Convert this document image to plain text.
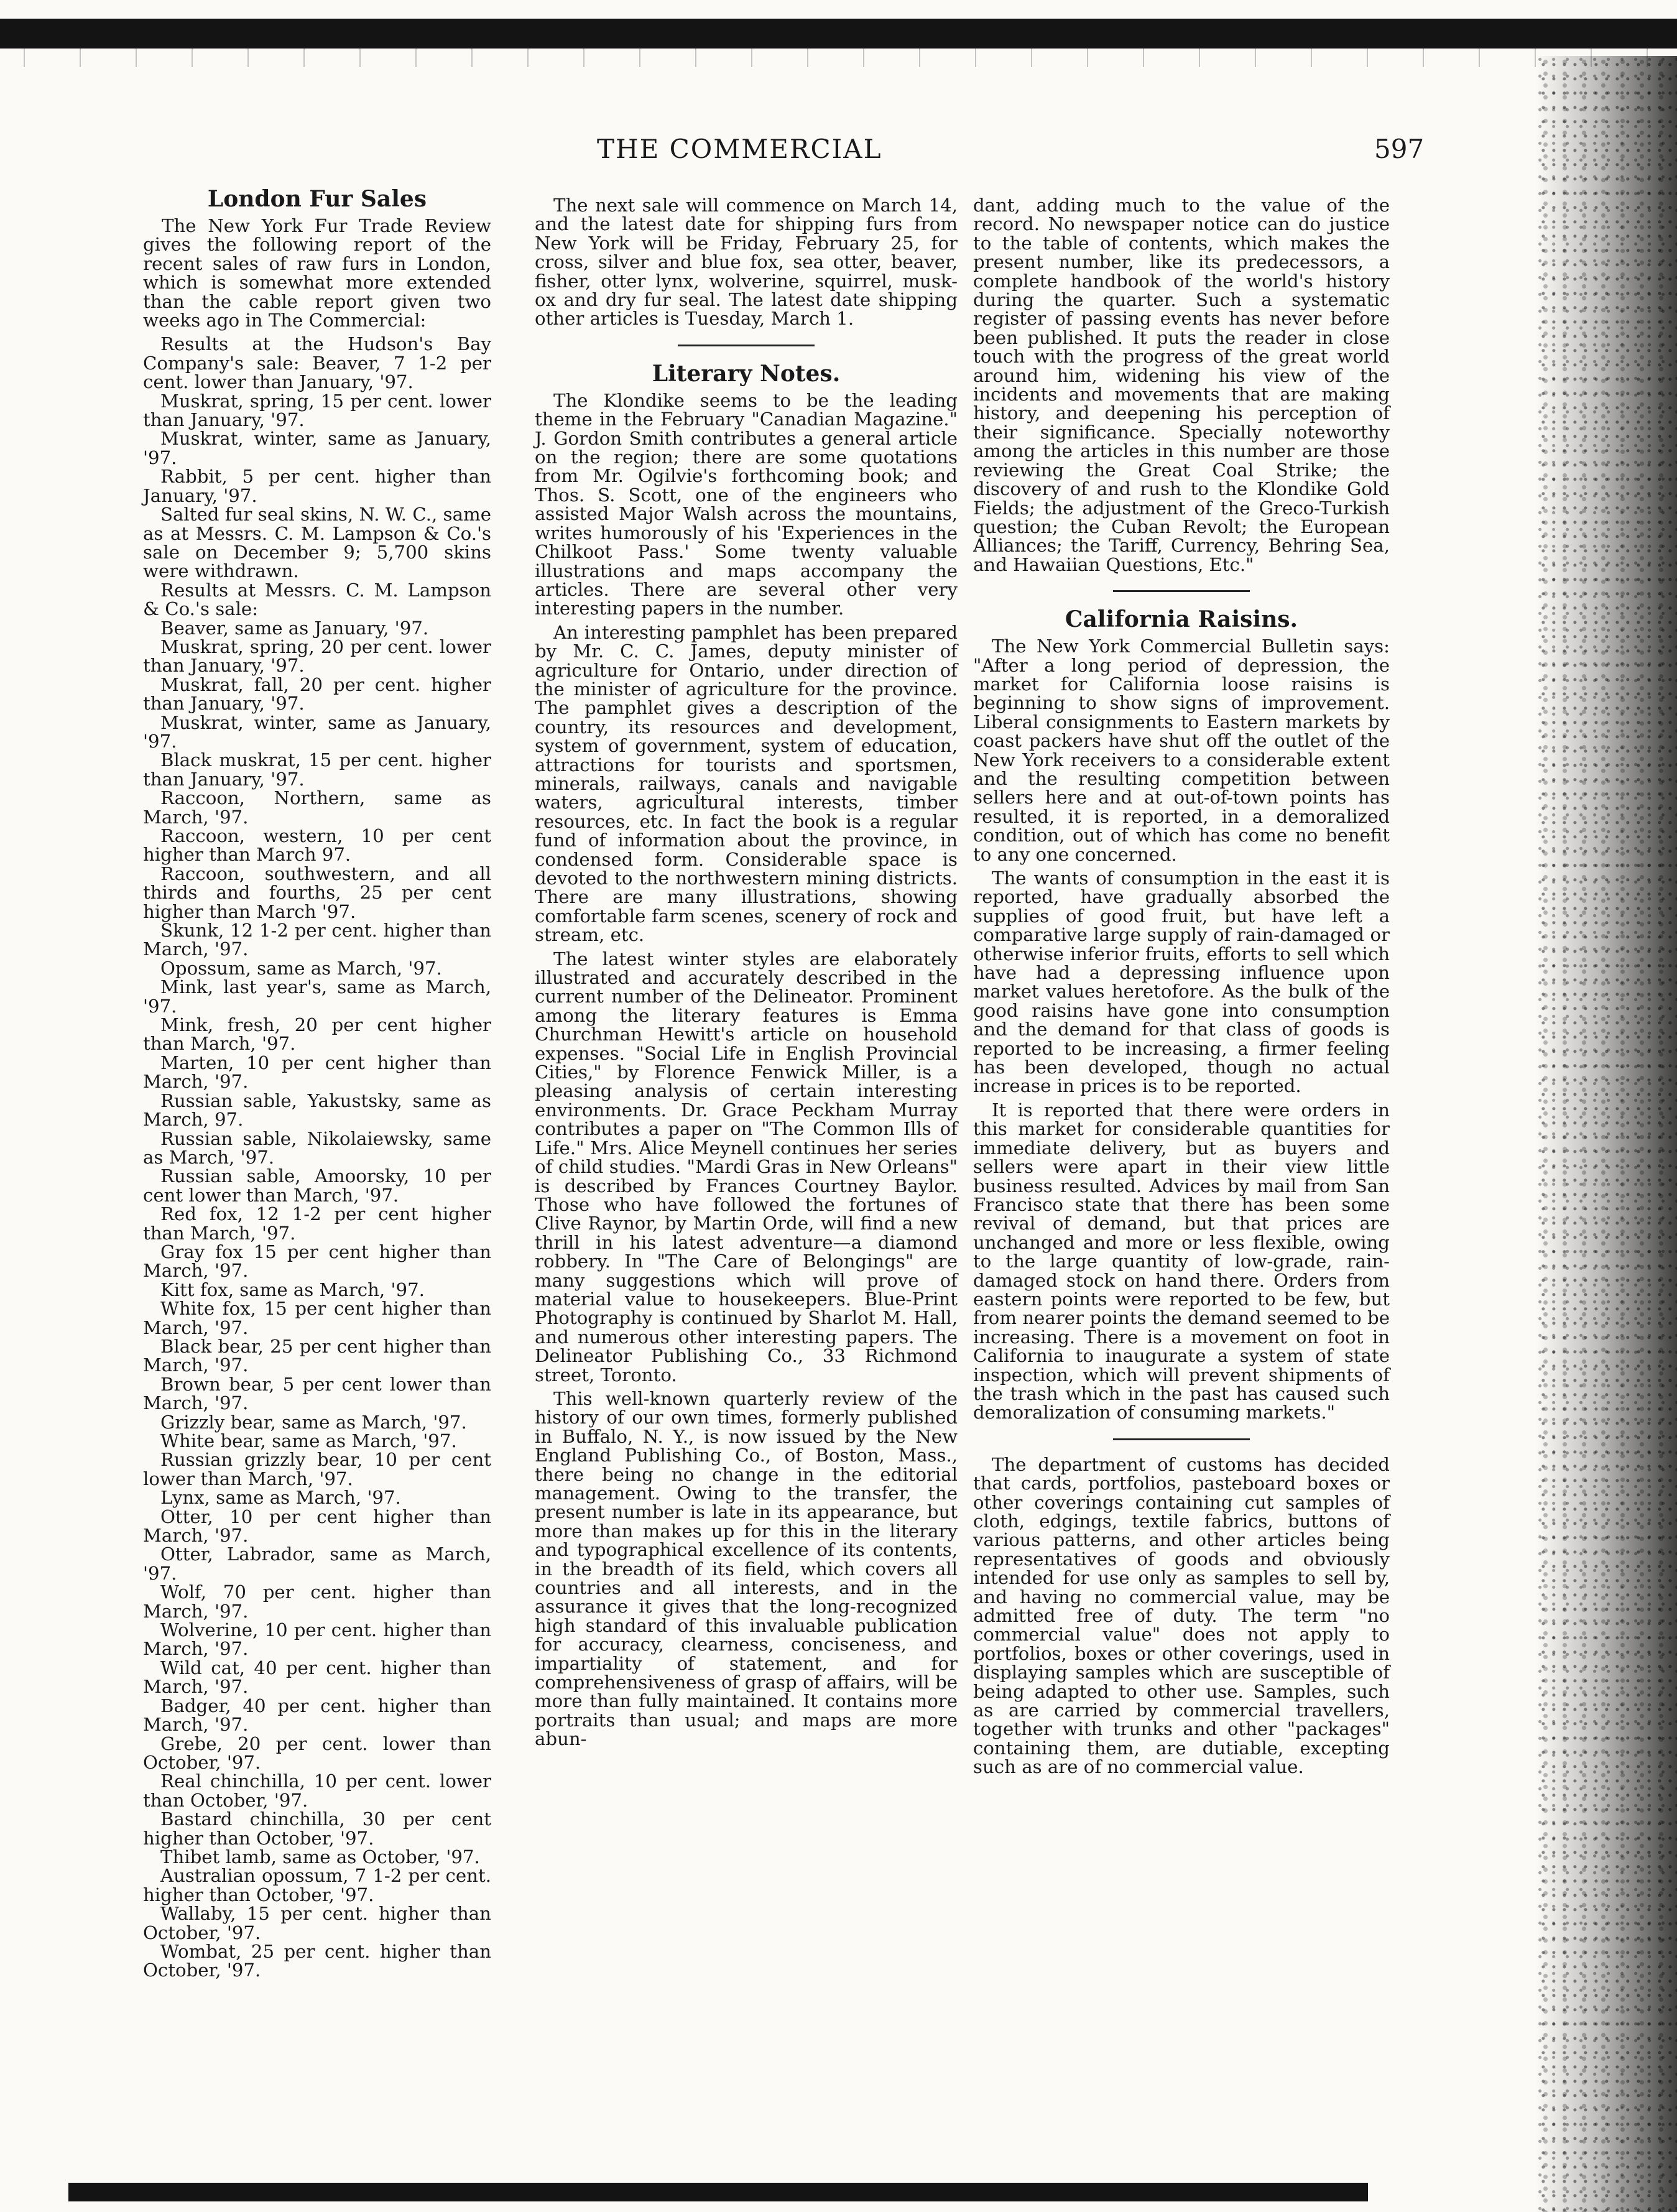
THE COMMERCIAL	597
London Fur Sales

The New York Fur Trade Review gives the following report of the recent sales of raw furs in London, which is somewhat more extended than the cable report given two weeks ago in The Commercial:

Results at the Hudson's Bay Company's sale: Beaver, 7 1-2 per cent. lower than January, '97.

Muskrat, spring, 15 per cent. lower than January, '97.

Muskrat, winter, same as January, '97.

Rabbit, 5 per cent. higher than January, '97.

Salted fur seal skins, N. W. C., same as at Messrs. C. M. Lampson & Co.'s sale on December 9; 5,700 skins were withdrawn.

Results at Messrs. C. M. Lampson & Co.'s sale:

Beaver, same as January, '97.

Muskrat, spring, 20 per cent. lower than January, '97.

Muskrat, fall, 20 per cent. higher than January, '97.

Muskrat, winter, same as January, '97.

Black muskrat, 15 per cent. higher than January, '97.

Raccoon, Northern, same as March, '97.

Raccoon, western, 10 per cent higher than March 97.

Raccoon, southwestern, and all thirds and fourths, 25 per cent higher than March '97.

Skunk, 12 1-2 per cent. higher than March, '97.

Opossum, same as March, '97.

Mink, last year's, same as March, '97.

Mink, fresh, 20 per cent higher than March, '97.

Marten, 10 per cent higher than March, '97.

Russian sable, Yakustsky, same as March, 97.

Russian sable, Nikolaiewsky, same as March, '97.

Russian sable, Amoorsky, 10 per cent lower than March, '97.

Red fox, 12 1-2 per cent higher than March, '97.

Gray fox 15 per cent higher than March, '97.

Kitt fox, same as March, '97.

White fox, 15 per cent higher than March, '97.

Black bear, 25 per cent higher than March, '97.

Brown bear, 5 per cent lower than March, '97.

Grizzly bear, same as March, '97.

White bear, same as March, '97.

Russian grizzly bear, 10 per cent lower than March, '97.

Lynx, same as March, '97.

Otter, 10 per cent higher than March, '97.

Otter, Labrador, same as March, '97.

Wolf, 70 per cent. higher than March, '97.

Wolverine, 10 per cent. higher than March, '97.

Wild cat, 40 per cent. higher than March, '97.

Badger, 40 per cent. higher than March, '97.

Grebe, 20 per cent. lower than October, '97.

Real chinchilla, 10 per cent. lower than October, '97.

Bastard chinchilla, 30 per cent higher than October, '97.

Thibet lamb, same as October, '97.

Australian opossum, 7 1-2 per cent. higher than October, '97.

Wallaby, 15 per cent. higher than October, '97.

Wombat, 25 per cent. higher than October, '97.

The next sale will commence on March 14, and the latest date for shipping furs from New York will be Friday, February 25, for cross, silver and blue fox, sea otter, beaver, fisher, otter lynx, wolverine, squirrel, musk-ox and dry fur seal. The latest date shipping other articles is Tuesday, March 1.

Literary Notes.

The Klondike seems to be the leading theme in the February "Canadian Magazine." J. Gordon Smith contributes a general article on the region; there are some quotations from Mr. Ogilvie's forthcoming book; and Thos. S. Scott, one of the engineers who assisted Major Walsh across the mountains, writes humorously of his 'Experiences in the Chilkoot Pass.' Some twenty valuable illustrations and maps accompany the articles. There are several other very interesting papers in the number.

An interesting pamphlet has been prepared by Mr. C. C. James, deputy minister of agriculture for Ontario, under direction of the minister of agriculture for the province. The pamphlet gives a description of the country, its resources and development, system of government, system of education, attractions for tourists and sportsmen, minerals, railways, canals and navigable waters, agricultural interests, timber resources, etc. In fact the book is a regular fund of information about the province, in condensed form. Considerable space is devoted to the northwestern mining districts. There are many illustrations, showing comfortable farm scenes, scenery of rock and stream, etc.

The latest winter styles are elaborately illustrated and accurately described in the current number of the Delineator. Prominent among the literary features is Emma Churchman Hewitt's article on household expenses. "Social Life in English Provincial Cities," by Florence Fenwick Miller, is a pleasing analysis of certain interesting environments. Dr. Grace Peckham Murray contributes a paper on "The Common Ills of Life." Mrs. Alice Meynell continues her series of child studies. "Mardi Gras in New Orleans" is described by Frances Courtney Baylor. Those who have followed the fortunes of Clive Raynor, by Martin Orde, will find a new thrill in his latest adventure—a diamond robbery. In "The Care of Belongings" are many suggestions which will prove of material value to housekeepers. Blue-Print Photography is continued by Sharlot M. Hall, and numerous other interesting papers. The Delineator Publishing Co., 33 Richmond street, Toronto.

This well-known quarterly review of the history of our own times, formerly published in Buffalo, N. Y., is now issued by the New England Publishing Co., of Boston, Mass., there being no change in the editorial management. Owing to the transfer, the present number is late in its appearance, but more than makes up for this in the literary and typographical excellence of its contents, in the breadth of its field, which covers all countries and all interests, and in the assurance it gives that the long-recognized high standard of this invaluable publication for accuracy, clearness, conciseness, and impartiality of statement, and for comprehensiveness of grasp of affairs, will be more than fully maintained. It contains more portraits than usual; and maps are more abun-

dant, adding much to the value of the record. No newspaper notice can do justice to the table of contents, which makes the present number, like its predecessors, a complete handbook of the world's history during the quarter. Such a systematic register of passing events has never before been published. It puts the reader in close touch with the progress of the great world around him, widening his view of the incidents and movements that are making history, and deepening his perception of their significance. Specially noteworthy among the articles in this number are those reviewing the Great Coal Strike; the discovery of and rush to the Klondike Gold Fields; the adjustment of the Greco-Turkish question; the Cuban Revolt; the European Alliances; the Tariff, Currency, Behring Sea, and Hawaiian Questions, Etc."

California Raisins.

The New York Commercial Bulletin says: "After a long period of depression, the market for California loose raisins is beginning to show signs of improvement. Liberal consignments to Eastern markets by coast packers have shut off the outlet of the New York receivers to a considerable extent and the resulting competition between sellers here and at out-of-town points has resulted, it is reported, in a demoralized condition, out of which has come no benefit to any one concerned.

The wants of consumption in the east it is reported, have gradually absorbed the supplies of good fruit, but have left a comparative large supply of rain-damaged or otherwise inferior fruits, efforts to sell which have had a depressing influence upon market values heretofore. As the bulk of the good raisins have gone into consumption and the demand for that class of goods is reported to be increasing, a firmer feeling has been developed, though no actual increase in prices is to be reported.

It is reported that there were orders in this market for considerable quantities for immediate delivery, but as buyers and sellers were apart in their view little business resulted. Advices by mail from San Francisco state that there has been some revival of demand, but that prices are unchanged and more or less flexible, owing to the large quantity of low-grade, rain-damaged stock on hand there. Orders from eastern points were reported to be few, but from nearer points the demand seemed to be increasing. There is a movement on foot in California to inaugurate a system of state inspection, which will prevent shipments of the trash which in the past has caused such demoralization of consuming markets."

The department of customs has decided that cards, portfolios, pasteboard boxes or other coverings containing cut samples of cloth, edgings, textile fabrics, buttons of various patterns, and other articles being representatives of goods and obviously intended for use only as samples to sell by, and having no commercial value, may be admitted free of duty. The term "no commercial value" does not apply to portfolios, boxes or other coverings, used in displaying samples which are susceptible of being adapted to other use. Samples, such as are carried by commercial travellers, together with trunks and other "packages" containing them, are dutiable, excepting such as are of no commercial value.
